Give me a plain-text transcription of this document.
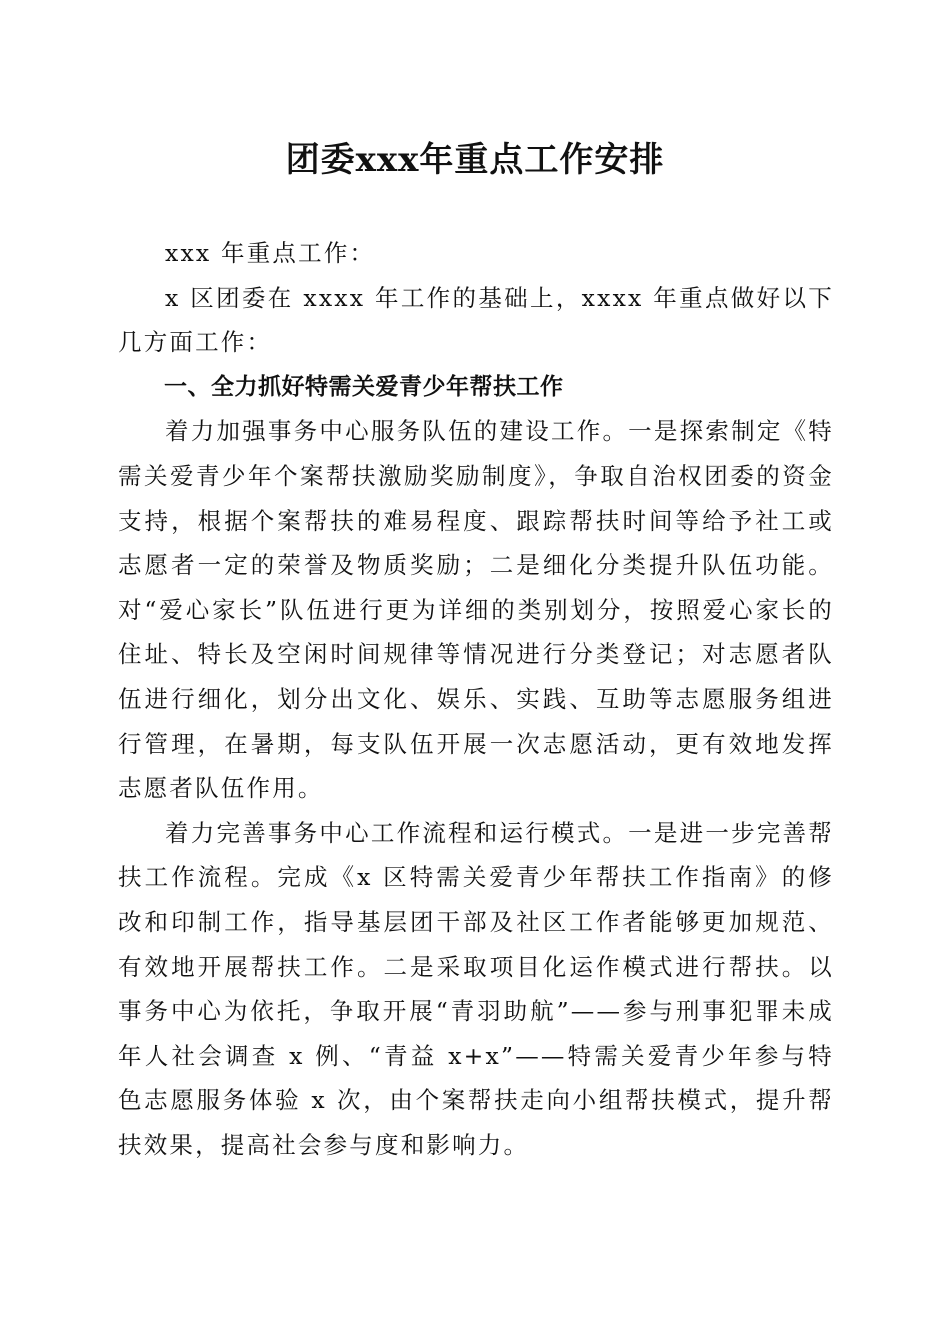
团委xxx年重点工作安排

xxx 年重点工作：

x 区团委在 xxxx 年工作的基础上，xxxx 年重点做好以下几方面工作：

一、全力抓好特需关爱青少年帮扶工作

着力加强事务中心服务队伍的建设工作。一是探索制定《特需关爱青少年个案帮扶激励奖励制度》，争取自治权团委的资金支持，根据个案帮扶的难易程度、跟踪帮扶时间等给予社工或志愿者一定的荣誉及物质奖励；二是细化分类提升队伍功能。对“爱心家长”队伍进行更为详细的类别划分，按照爱心家长的住址、特长及空闲时间规律等情况进行分类登记；对志愿者队伍进行细化，划分出文化、娱乐、实践、互助等志愿服务组进行管理，在暑期，每支队伍开展一次志愿活动，更有效地发挥志愿者队伍作用。

着力完善事务中心工作流程和运行模式。一是进一步完善帮扶工作流程。完成《x 区特需关爱青少年帮扶工作指南》的修改和印制工作，指导基层团干部及社区工作者能够更加规范、有效地开展帮扶工作。二是采取项目化运作模式进行帮扶。以事务中心为依托，争取开展“青羽助航”——参与刑事犯罪未成年人社会调查 x 例、“青益 x+x”——特需关爱青少年参与特色志愿服务体验 x 次，由个案帮扶走向小组帮扶模式，提升帮扶效果，提高社会参与度和影响力。
